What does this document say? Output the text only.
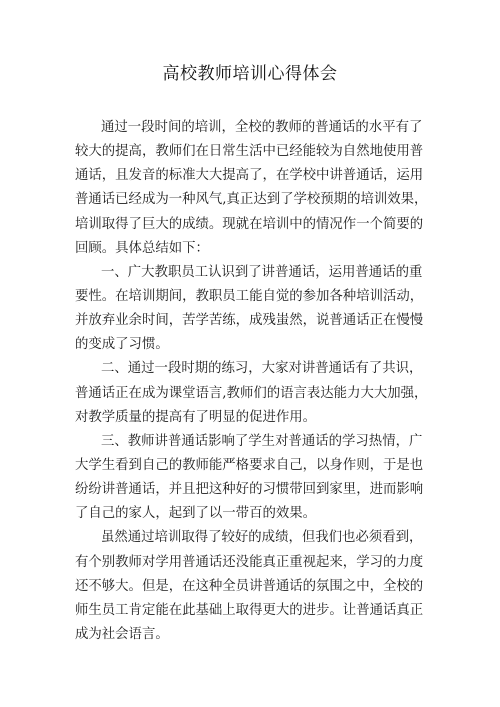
高校教师培训心得体会
通过一段时间的培训，全校的教师的普通话的水平有了
较大的提高，教师们在日常生活中已经能较为自然地使用普
通话，且发音的标准大大提高了，在学校中讲普通话，运用
普通话已经成为一种风气,真正达到了学校预期的培训效果，
培训取得了巨大的成绩。现就在培训中的情况作一个简要的
回顾。具体总结如下：
一、广大教职员工认识到了讲普通话，运用普通话的重
要性。在培训期间，教职员工能自觉的参加各种培训活动，
并放弃业余时间，苦学苦练，成残蚩然，说普通话正在慢慢
的变成了习惯。
二、通过一段时期的练习，大家对讲普通话有了共识，
普通话正在成为课堂语言,教师们的语言表达能力大大加强，
对教学质量的提高有了明显的促进作用。
三、教师讲普通话影响了学生对普通话的学习热情，广
大学生看到自己的教师能严格要求自己，以身作则，于是也
纷纷讲普通话，并且把这种好的习惯带回到家里，进而影响
了自己的家人，起到了以一带百的效果。
虽然通过培训取得了较好的成绩，但我们也必须看到，
有个别教师对学用普通话还没能真正重视起来，学习的力度
还不够大。但是，在这种全员讲普通话的氛围之中，全校的
师生员工肯定能在此基础上取得更大的进步。让普通话真正
成为社会语言。
